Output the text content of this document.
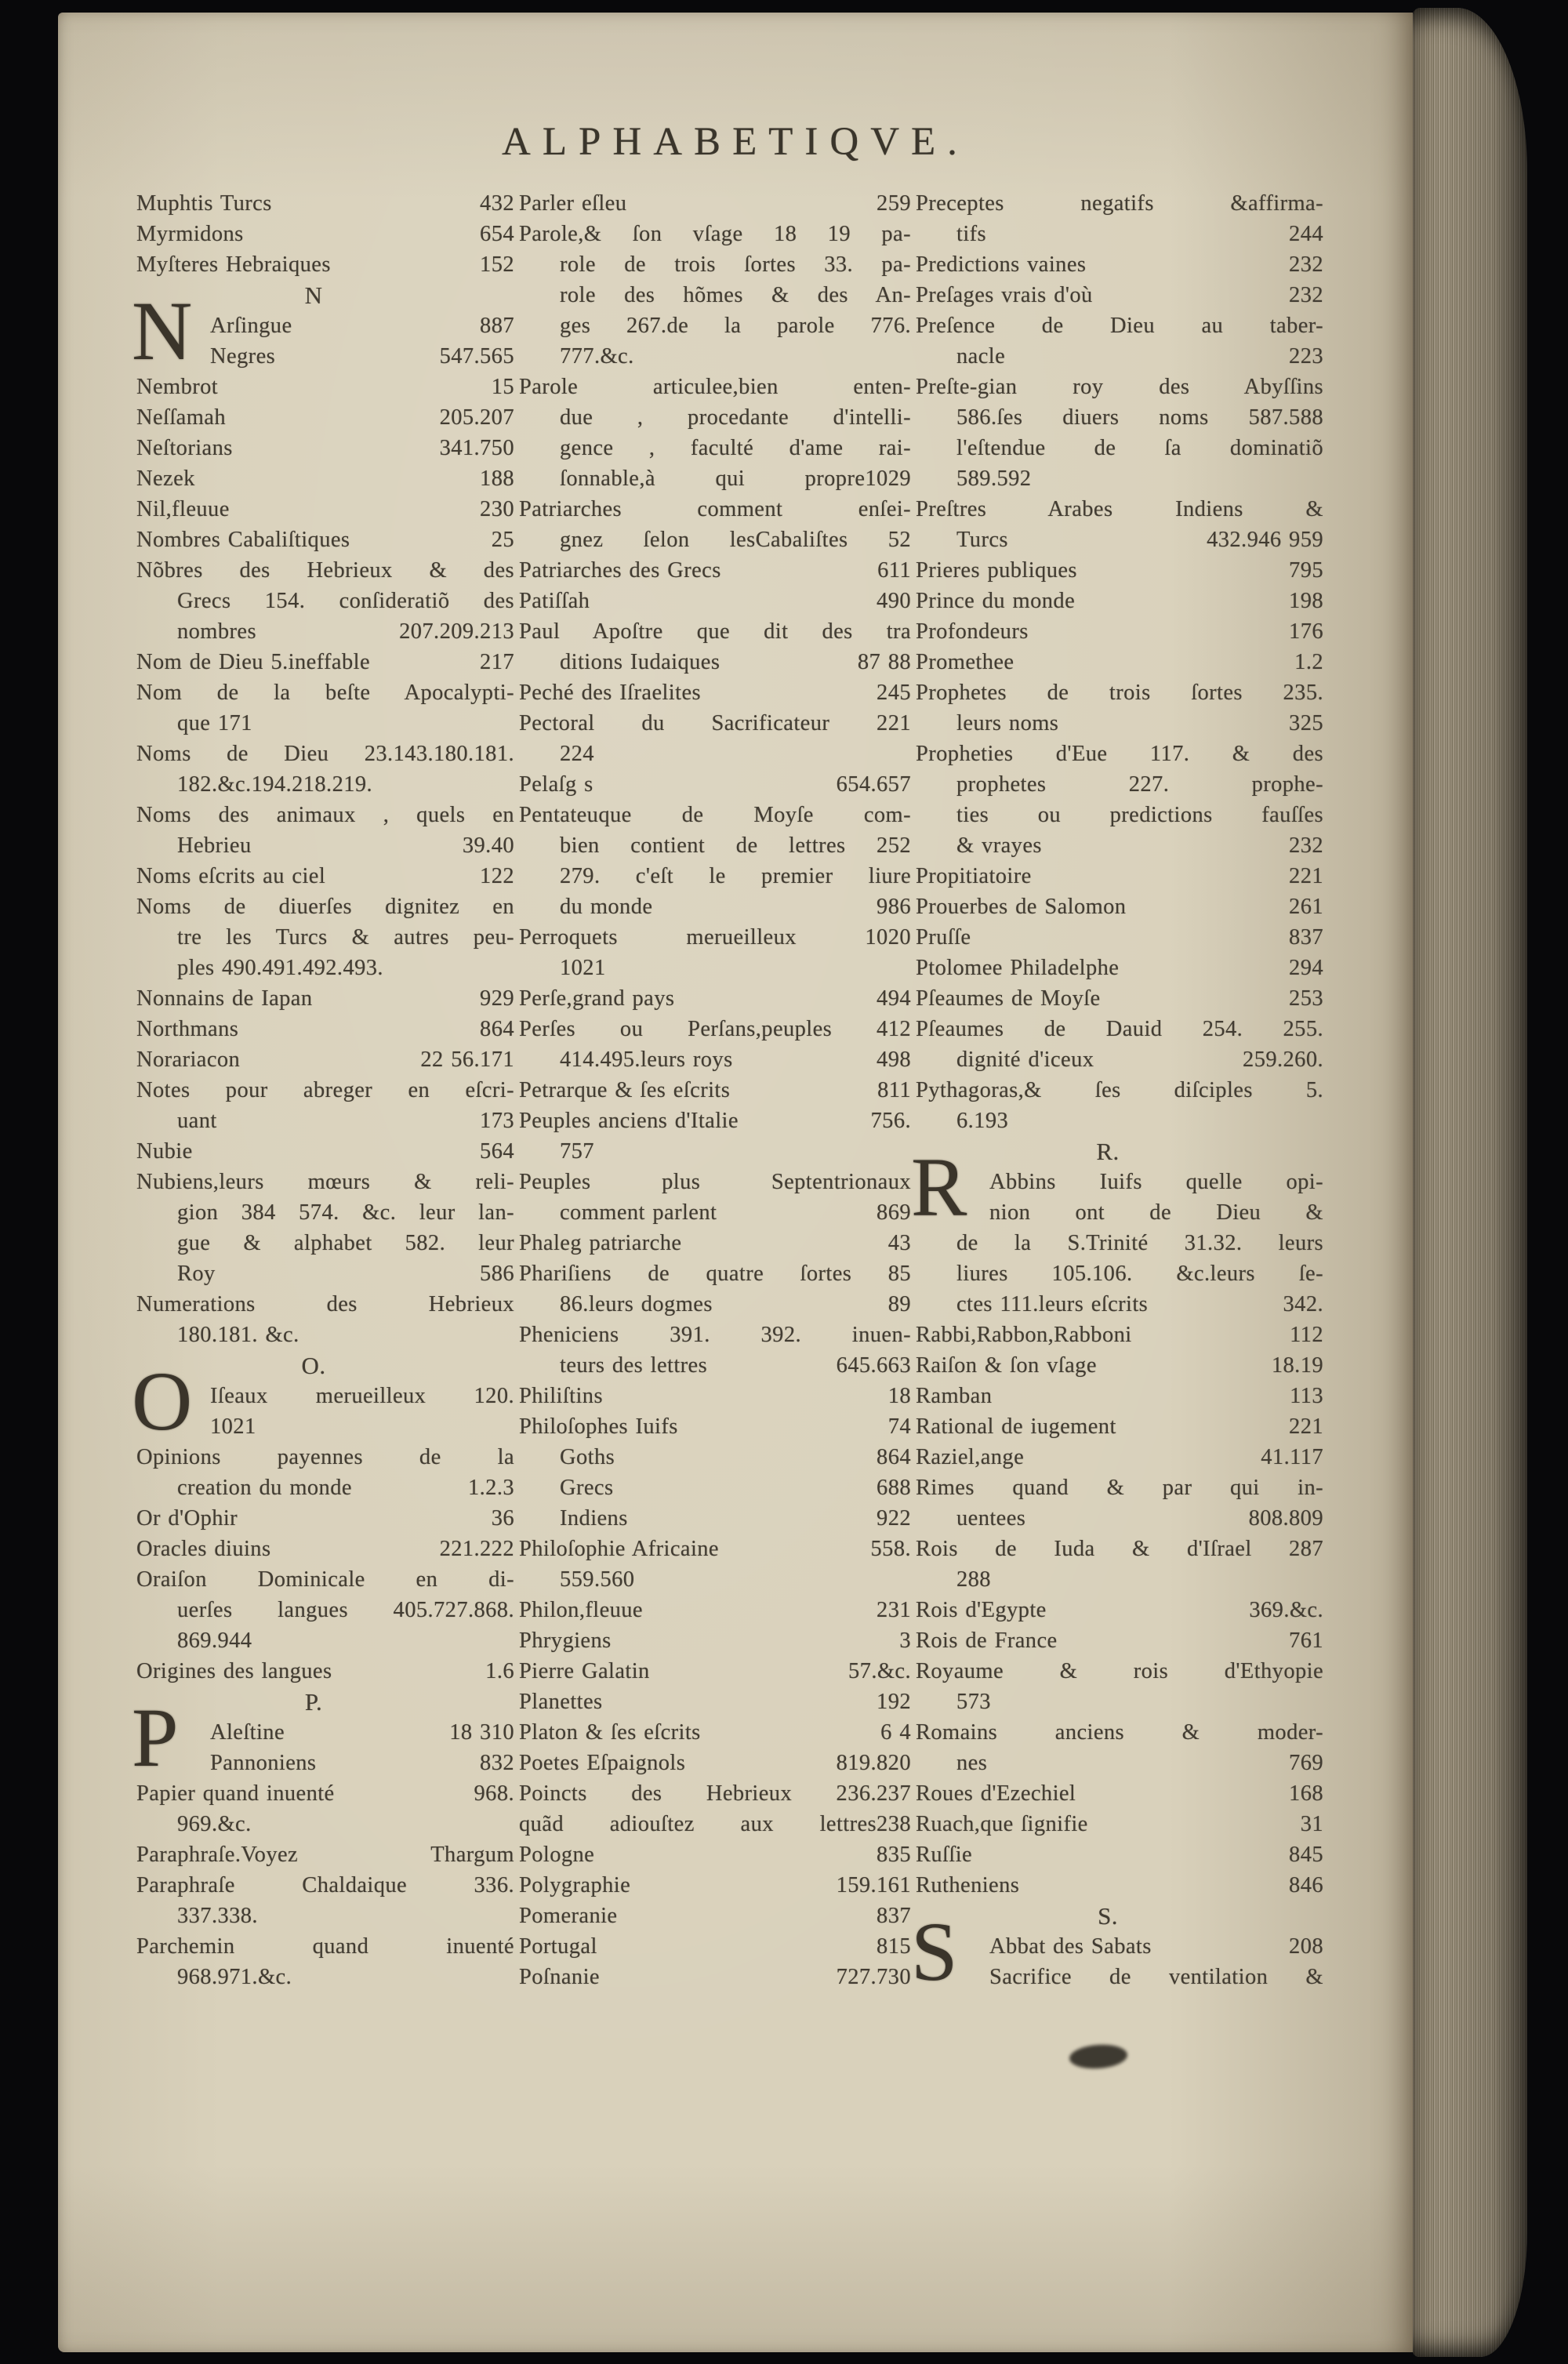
ALPHABETIQVE.
Muphtis Turcs	432
Myrmidons	654
Myſteres Hebraiques	152
N
N Arſingue	887
Negres	547.565
Nembrot	15
Neſſamah	205.207
Neſtorians	341.750
Nezek	188
Nil,fleuue	230
Nombres Cabaliſtiques	25
Nõbres des Hebrieux & des
Grecs 154. conſideratiõ des
nombres	207.209.213
Nom de Dieu 5.ineffable	217
Nom de la beſte Apocalypti-
que 171
Noms de Dieu 23.143.180.181.
182.&c.194.218.219.
Noms des animaux , quels en
Hebrieu	39.40
Noms eſcrits au ciel	122
Noms de diuerſes dignitez en
tre les Turcs & autres peu-
ples 490.491.492.493.
Nonnains de Iapan	929
Northmans	864
Norariacon	22 56.171
Notes pour abreger en eſcri-
uant	173
Nubie	564
Nubiens,leurs mœurs & reli-
gion 384 574. &c. leur lan-
gue & alphabet 582. leur
Roy	586
Numerations des Hebrieux
180.181. &c.
O.
O Iſeaux merueilleux 120.
1021
Opinions payennes de la
creation du monde	1.2.3
Or d'Ophir	36
Oracles diuins	221.222
Oraiſon Dominicale en di-
uerſes langues 405.727.868.
869.944
Origines des langues	1.6
P.
P Aleſtine	18 310
Pannoniens	832
Papier quand inuenté	968.
969.&c.
Paraphraſe.Voyez Thargum
Paraphraſe Chaldaique 336.
337.338.
Parchemin quand inuenté
968.971.&c.
Parler eſleu	259
Parole,& ſon vſage 18 19 pa-
role de trois ſortes 33. pa-
role des hõmes & des An-
ges 267.de la parole 776.
777.&c.
Parole articulee,bien enten-
due , procedante d'intelli-
gence , faculté d'ame rai-
ſonnable,à qui propre1029
Patriarches comment enſei-
gnez ſelon lesCabaliſtes 52
Patriarches des Grecs	611
Patiſſah	490
Paul Apoſtre que dit des tra
ditions Iudaiques	87 88
Peché des Iſraelites	245
Pectoral du Sacrificateur 221
224
Pelaſg s	654.657
Pentateuque de Moyſe com-
bien contient de lettres 252
279. c'eſt le premier liure
du monde	986
Perroquets merueilleux 1020
1021
Perſe,grand pays	494
Perſes ou Perſans,peuples 412
414.495.leurs roys	498
Petrarque & ſes eſcrits	811
Peuples anciens d'Italie	756.
757
Peuples plus Septentrionaux
comment parlent	869
Phaleg patriarche	43
Phariſiens de quatre ſortes 85
86.leurs dogmes	89
Pheniciens 391. 392. inuen-
teurs des lettres	645.663
Philiſtins	18
Philoſophes Iuifs	74
Goths	864
Grecs	688
Indiens	922
Philoſophie Africaine	558.
559.560
Philon,fleuue	231
Phrygiens	3
Pierre Galatin	57.&c.
Planettes	192
Platon & ſes eſcrits	6 4
Poetes Eſpaignols	819.820
Poincts des Hebrieux 236.237
quãd adiouſtez aux lettres238
Pologne	835
Polygraphie	159.161
Pomeranie	837
Portugal	815
Poſnanie	727.730
Preceptes negatifs &affirma-
tifs	244
Predictions vaines	232
Preſages vrais d'où	232
Preſence de Dieu au taber-
nacle	223
Preſte-gian roy des Abyſſins
586.ſes diuers noms 587.588
l'eſtendue de ſa dominatiõ
589.592
Preſtres Arabes Indiens &
Turcs	432.946 959
Prieres publiques	795
Prince du monde	198
Profondeurs	176
Promethee	1.2
Prophetes de trois ſortes 235.
leurs noms	325
Propheties d'Eue 117. & des
prophetes 227. prophe-
ties ou predictions fauſſes
& vrayes	232
Propitiatoire	221
Prouerbes de Salomon	261
Pruſſe	837
Ptolomee Philadelphe	294
Pſeaumes de Moyſe	253
Pſeaumes de Dauid 254. 255.
dignité d'iceux	259.260.
Pythagoras,& ſes diſciples 5.
6.193
R.
R Abbins Iuifs quelle opi-
nion ont de Dieu &
de la S.Trinité 31.32. leurs
liures 105.106. &c.leurs ſe-
ctes 111.leurs eſcrits	342.
Rabbi,Rabbon,Rabboni	112
Raiſon & ſon vſage	18.19
Ramban	113
Rational de iugement	221
Raziel,ange	41.117
Rimes quand & par qui in-
uentees	808.809
Rois de Iuda & d'Iſrael 287
288
Rois d'Egypte	369.&c.
Rois de France	761
Royaume & rois d'Ethyopie
573
Romains anciens & moder-
nes	769
Roues d'Ezechiel	168
Ruach,que ſignifie	31
Ruſſie	845
Rutheniens	846
S.
S Abbat des Sabats	208
Sacrifice de ventilation &
